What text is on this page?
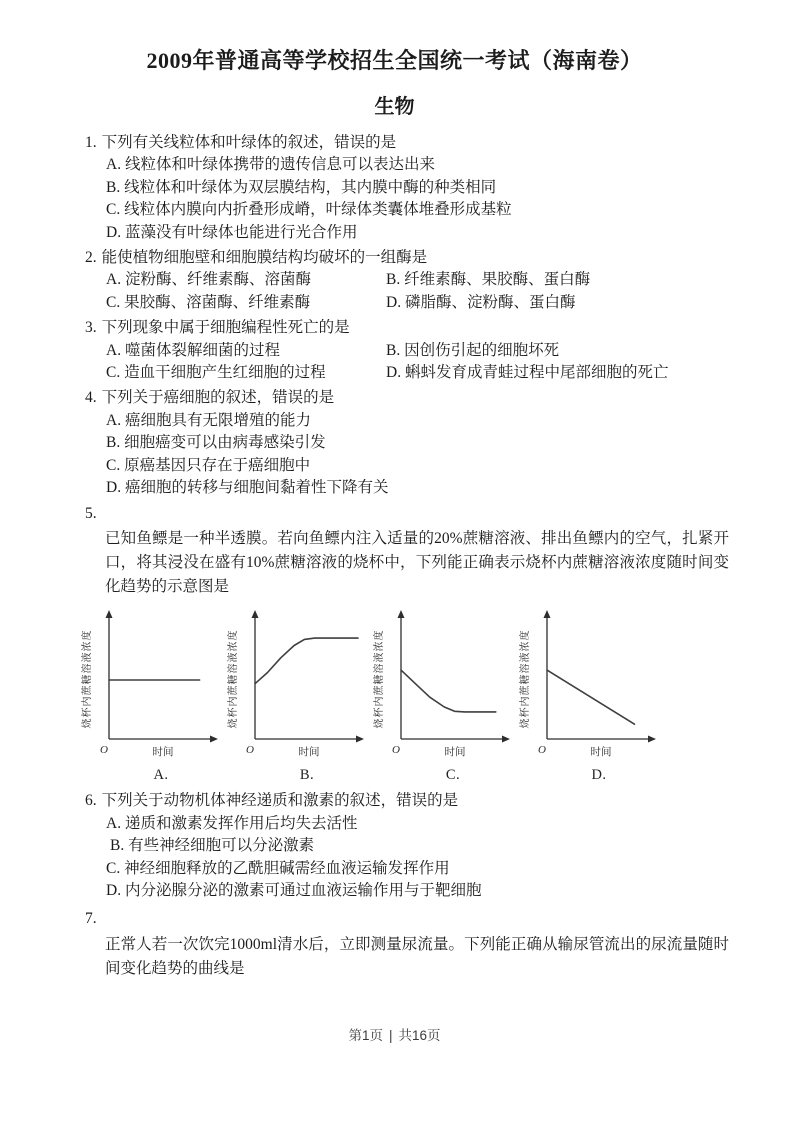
2009年普通高等学校招生全国统一考试（海南卷）
生物
1. 下列有关线粒体和叶绿体的叙述，错误的是
A. 线粒体和叶绿体携带的遗传信息可以表达出来
B. 线粒体和叶绿体为双层膜结构，其内膜中酶的种类相同
C. 线粒体内膜向内折叠形成嵴，叶绿体类囊体堆叠形成基粒
D. 蓝藻没有叶绿体也能进行光合作用
2. 能使植物细胞壁和细胞膜结构均破坏的一组酶是
A. 淀粉酶、纤维素酶、溶菌酶	B. 纤维素酶、果胶酶、蛋白酶
C. 果胶酶、溶菌酶、纤维素酶	D. 磷脂酶、淀粉酶、蛋白酶
3. 下列现象中属于细胞编程性死亡的是
A. 噬菌体裂解细菌的过程	B. 因创伤引起的细胞坏死
C. 造血干细胞产生红细胞的过程	D. 蝌蚪发育成青蛙过程中尾部细胞的死亡
4. 下列关于癌细胞的叙述，错误的是
A. 癌细胞具有无限增殖的能力
B. 细胞癌变可以由病毒感染引发
C. 原癌基因只存在于癌细胞中
D. 癌细胞的转移与细胞间黏着性下降有关
5.
已知鱼鳔是一种半透膜。若向鱼鳔内注入适量的20%蔗糖溶液、排出鱼鳔内的空气，扎紧开口，将其浸没在盛有10%蔗糖溶液的烧杯中，下列能正确表示烧杯内蔗糖溶液浓度随时间变化趋势的示意图是
烧杯内蔗糖溶液浓度
O	时间
A.
烧杯内蔗糖溶液浓度
O	时间
B.
烧杯内蔗糖溶液浓度
O	时间
C.
烧杯内蔗糖溶液浓度
O	时间
D.
6. 下列关于动物机体神经递质和激素的叙述，错误的是
A. 递质和激素发挥作用后均失去活性
B. 有些神经细胞可以分泌激素
C. 神经细胞释放的乙酰胆碱需经血液运输发挥作用
D. 内分泌腺分泌的激素可通过血液运输作用与于靶细胞
7.
正常人若一次饮完1000ml清水后，立即测量尿流量。下列能正确从输尿管流出的尿流量随时间变化趋势的曲线是
第1页 | 共16页
